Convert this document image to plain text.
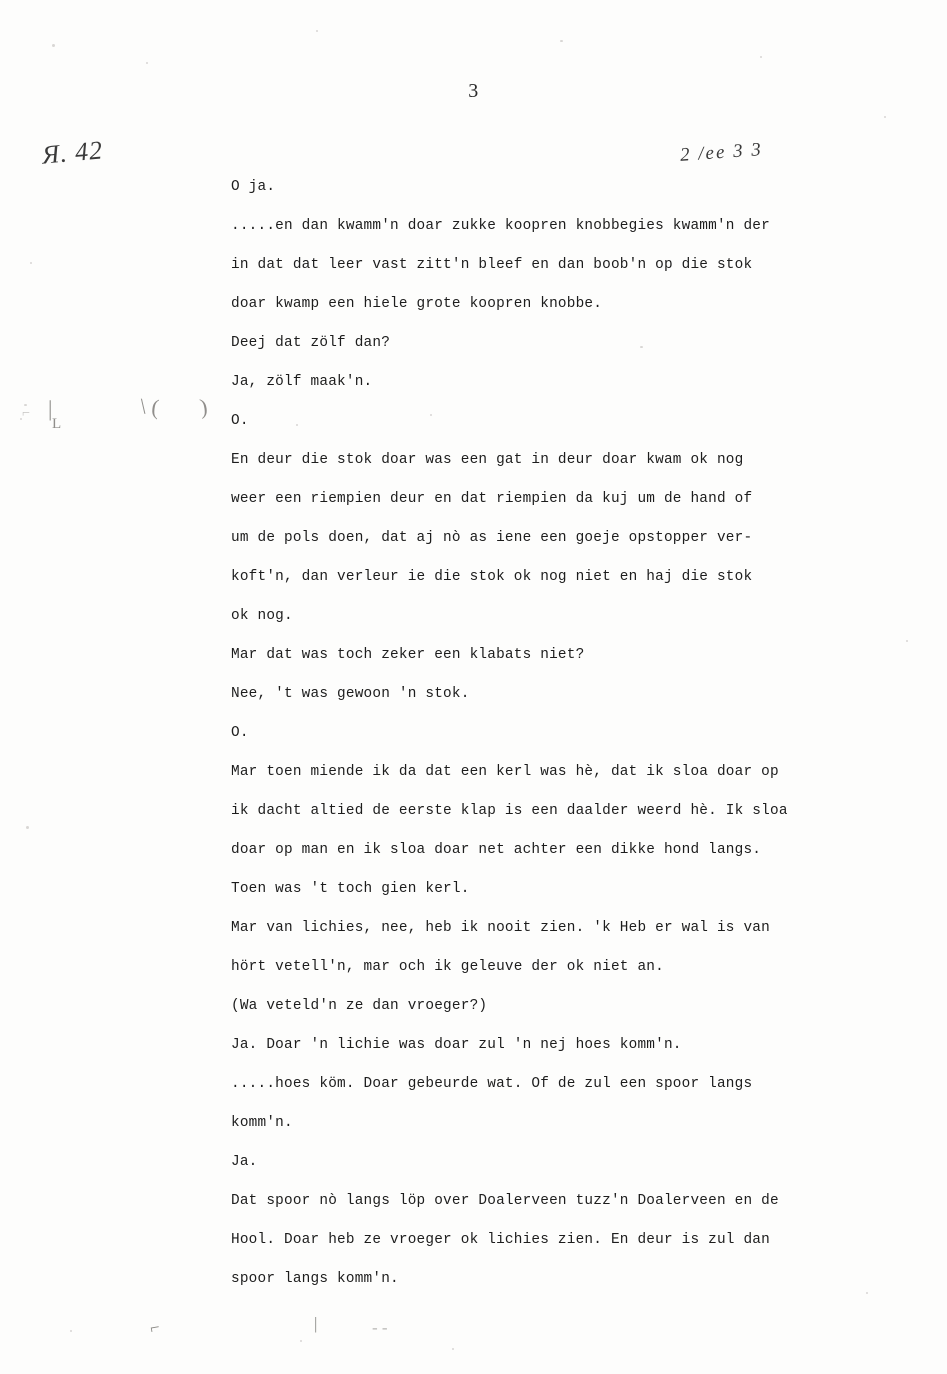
3
Я. 42	2 /ee 3 3
\ ( )
|
L
⌐
O ja.
.....en dan kwamm'n doar zukke koopren knobbegies kwamm'n der
in dat dat leer vast zitt'n bleef en dan boob'n op die stok
doar kwamp een hiele grote koopren knobbe.
Deej dat zölf dan?
Ja, zölf maak'n.
O.
En deur die stok doar was een gat in deur doar kwam ok nog
weer een riempien deur en dat riempien da kuj um de hand of
um de pols doen, dat aj nò as iene een goeje opstopper ver-
koft'n, dan verleur ie die stok ok nog niet en haj die stok
ok nog.
Mar dat was toch zeker een klabats niet?
Nee, 't was gewoon 'n stok.
O.
Mar toen miende ik da dat een kerl was hè, dat ik sloa doar op
ik dacht altied de eerste klap is een daalder weerd hè. Ik sloa
doar op man en ik sloa doar net achter een dikke hond langs.
Toen was 't toch gien kerl.
Mar van lichies, nee, heb ik nooit zien. 'k Heb er wal is van
hört vetell'n, mar och ik geleuve der ok niet an.
(Wa veteld'n ze dan vroeger?)
Ja. Doar 'n lichie was doar zul 'n nej hoes komm'n.
.....hoes köm. Doar gebeurde wat. Of de zul een spoor langs
komm'n.
Ja.
Dat spoor nò langs löp over Doalerveen tuzz'n Doalerveen en de
Hool. Doar heb ze vroeger ok lichies zien. En deur is zul dan
spoor langs komm'n.
⌐	|	- -
